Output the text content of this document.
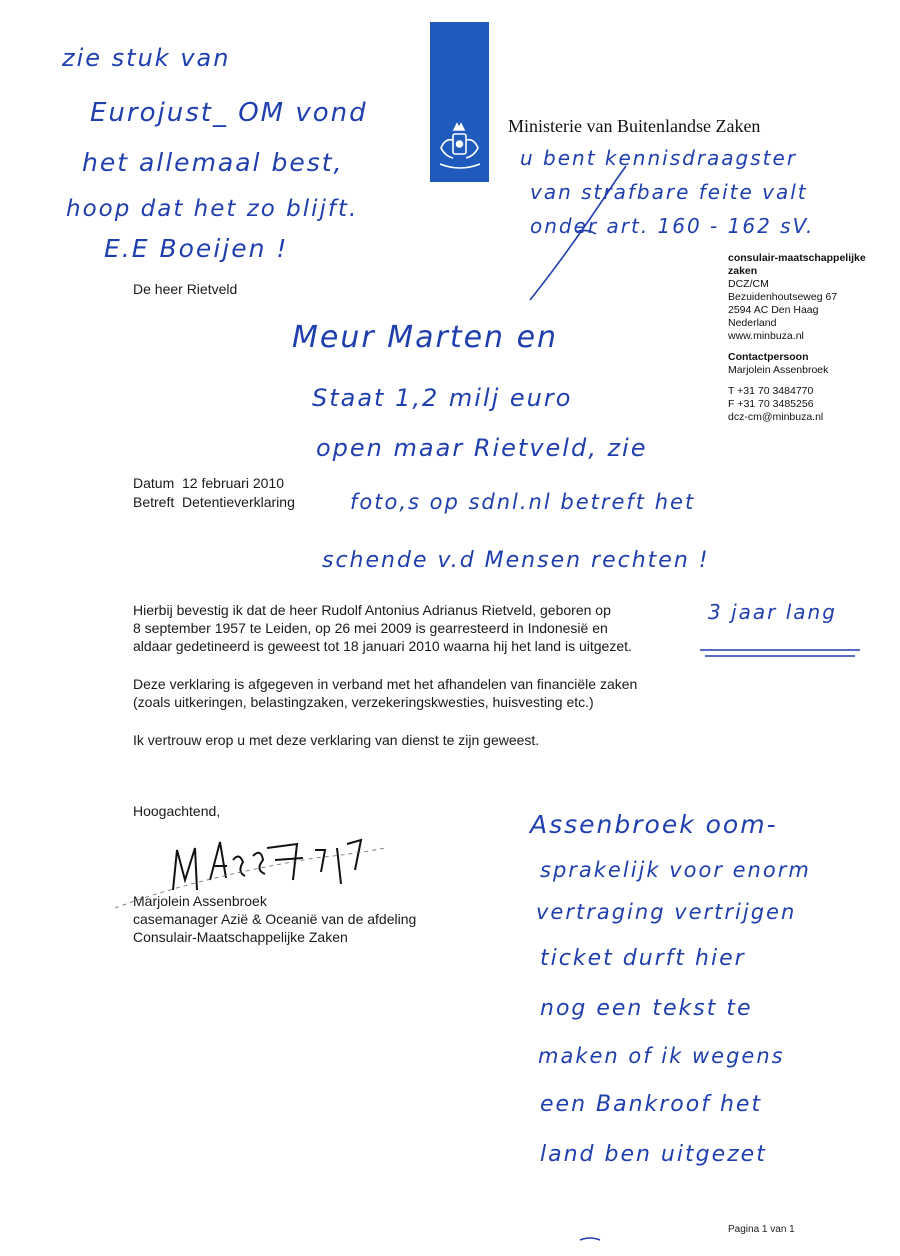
Ministerie van Buitenlandse Zaken
De heer Rietveld
consulair-maatschappelijke
zaken
DCZ/CM
Bezuidenhoutseweg 67
2594 AC Den Haag
Nederland
www.minbuza.nl
Contactpersoon
Marjolein Assenbroek
T +31 70 3484770
F +31 70 3485256
dcz-cm@minbuza.nl
Datum 12 februari 2010
Betreft Detentieverklaring
Hierbij bevestig ik dat de heer Rudolf Antonius Adrianus Rietveld, geboren op
8 september 1957 te Leiden, op 26 mei 2009 is gearresteerd in Indonesië en
aldaar gedetineerd is geweest tot 18 januari 2010 waarna hij het land is uitgezet.
Deze verklaring is afgegeven in verband met het afhandelen van financiële zaken
(zoals uitkeringen, belastingzaken, verzekeringskwesties, huisvesting etc.)
Ik vertrouw erop u met deze verklaring van dienst te zijn geweest.
Hoogachtend,
Marjolein Assenbroek
casemanager Azië & Oceanië van de afdeling
Consulair-Maatschappelijke Zaken
zie stuk van
Eurojust_ OM vond
het allemaal best,
hoop dat het zo blijft.
E.E Boeijen !
u bent kennisdraagster
van strafbare feite valt
onder art. 160 - 162 sV.
Meur Marten en
Staat 1,2 milj euro
open maar Rietveld, zie
foto,s op sdnl.nl betreft het
schende v.d Mensen rechten !
3 jaar lang
Assenbroek oom-
sprakelijk voor enorm
vertraging vertrijgen
ticket durft hier
nog een tekst te
maken of ik wegens
een Bankroof het
land ben uitgezet
Pagina 1 van 1
